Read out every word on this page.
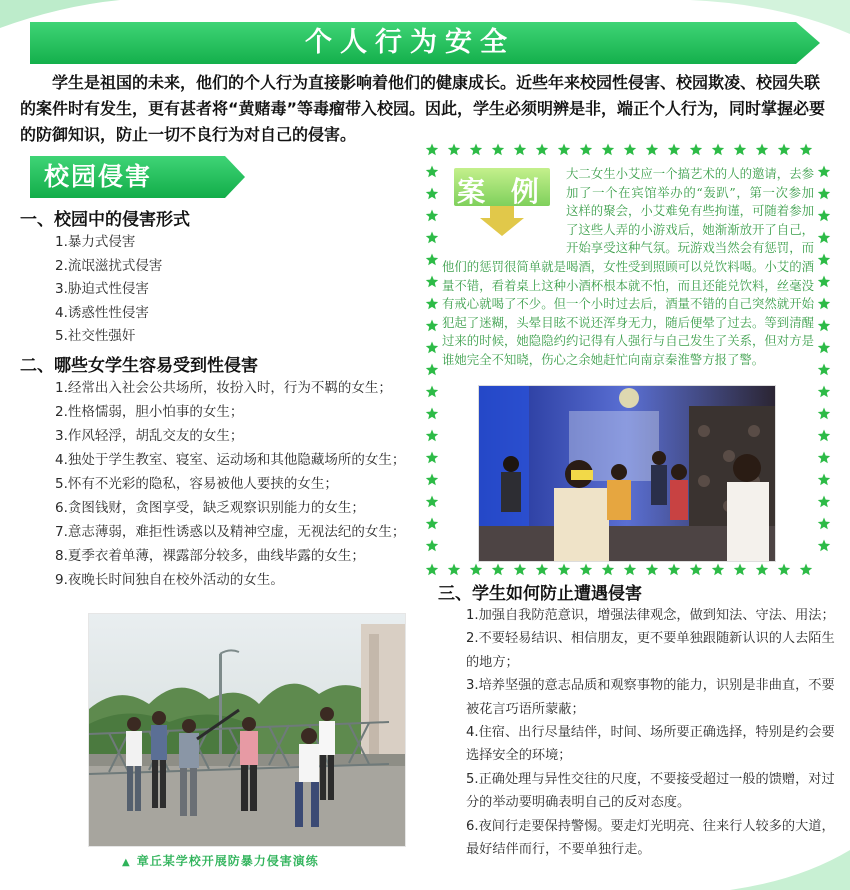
个人行为安全

学生是祖国的未来，他们的个人行为直接影响着他们的健康成长。近些年来校园性侵害、校园欺凌、校园失联的案件时有发生，更有甚者将“黄赌毒”等毒瘤带入校园。因此，学生必须明辨是非，端正个人行为，同时掌握必要的防御知识，防止一切不良行为对自己的侵害。

校园侵害
一、校园中的侵害形式
1.暴力式侵害
2.流氓滋扰式侵害
3.胁迫式性侵害
4.诱惑性性侵害
5.社交性强奸
二、哪些女学生容易受到性侵害
1.经常出入社会公共场所，妆扮入时，行为不羁的女生；
2.性格懦弱，胆小怕事的女生；
3.作风轻浮，胡乱交友的女生；
4.独处于学生教室、寝室、运动场和其他隐藏场所的女生；
5.怀有不光彩的隐私，容易被他人要挟的女生；
6.贪图钱财，贪图享受，缺乏观察识别能力的女生；
7.意志薄弱，难拒性诱惑以及精神空虚，无视法纪的女生；
8.夏季衣着单薄，裸露部分较多，曲线毕露的女生；
9.夜晚长时间独自在校外活动的女生。
▲ 章丘某学校开展防暴力侵害演练
案 例

大二女生小艾应一个搞艺术的人的邀请，去参加了一个在宾馆举办的“轰趴”，第一次参加这样的聚会，小艾难免有些拘谨，可随着参加了这些人弄的小游戏后，她渐渐放开了自己，开始享受这种气氛。玩游戏当然会有惩罚，而他们的惩罚很简单就是喝酒，女性受到照顾可以兑饮料喝。小艾的酒量不错，看着桌上这种小酒杯根本就不怕，而且还能兑饮料，丝毫没有戒心就喝了不少。但一个小时过去后，酒量不错的自己突然就开始犯起了迷糊，头晕目眩不说还浑身无力，随后便晕了过去。等到清醒过来的时候，她隐隐约约记得有人强行与自己发生了关系，但对方是谁她完全不知晓，伤心之余她赶忙向南京秦淮警方报了警。

三、学生如何防止遭遇侵害
1.加强自我防范意识，增强法律观念，做到知法、守法、用法；
2.不要轻易结识、相信朋友，更不要单独跟随新认识的人去陌生的地方；
3.培养坚强的意志品质和观察事物的能力，识别是非曲直，不要被花言巧语所蒙蔽；
4.住宿、出行尽量结伴，时间、场所要正确选择，特别是约会要选择安全的环境；
5.正确处理与异性交往的尺度，不要接受超过一般的馈赠，对过分的举动要明确表明自己的反对态度。
6.夜间行走要保持警惕。要走灯光明亮、往来行人较多的大道，最好结伴而行，不要单独行走。
